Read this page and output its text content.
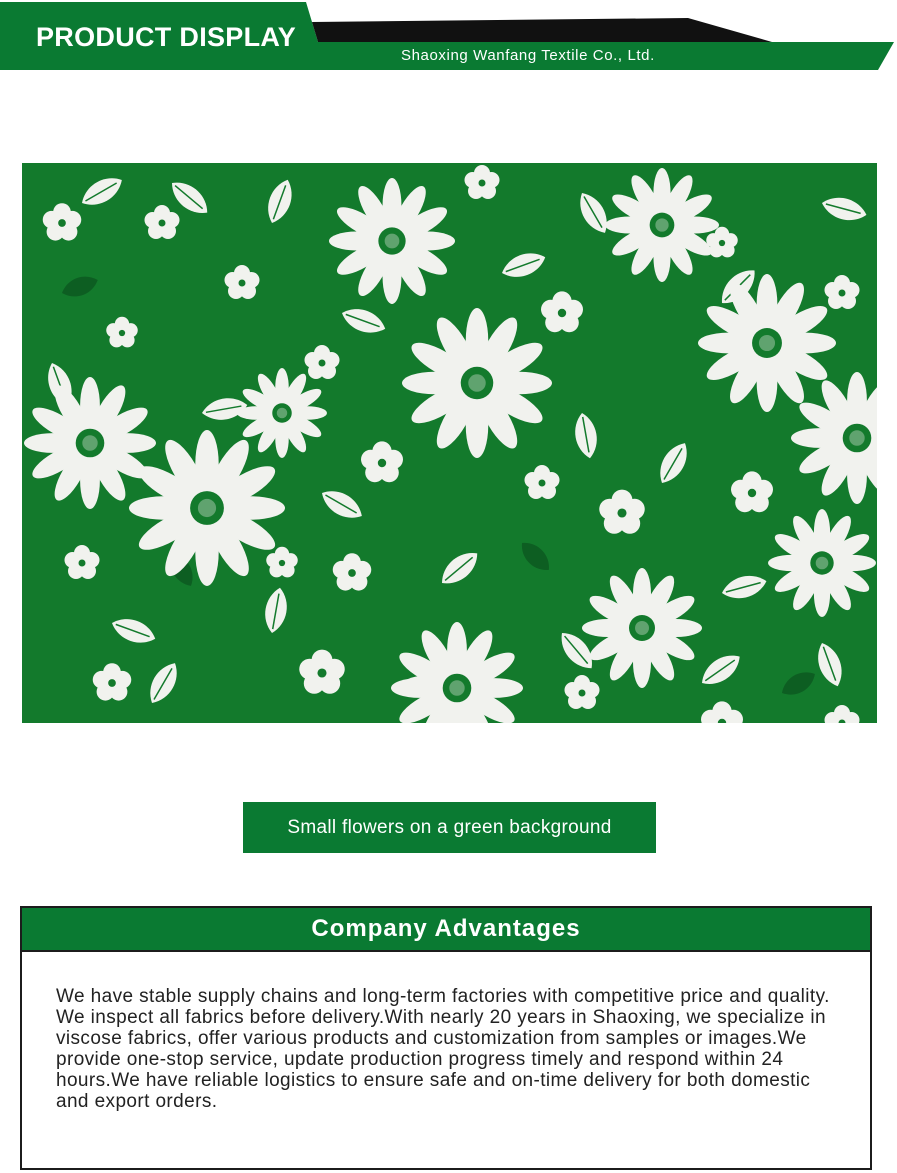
PRODUCT DISPLAY
Shaoxing Wanfang Textile Co., Ltd.
Small flowers on a green background
Company Advantages

We have stable supply chains and long-term factories with competitive price and quality. We inspect all fabrics before delivery.With nearly 20 years in Shaoxing, we specialize in viscose fabrics, offer various products and customization from samples or images.We provide one-stop service, update production progress timely and respond within 24 hours.We have reliable logistics to ensure safe and on-time delivery for both domestic and export orders.
